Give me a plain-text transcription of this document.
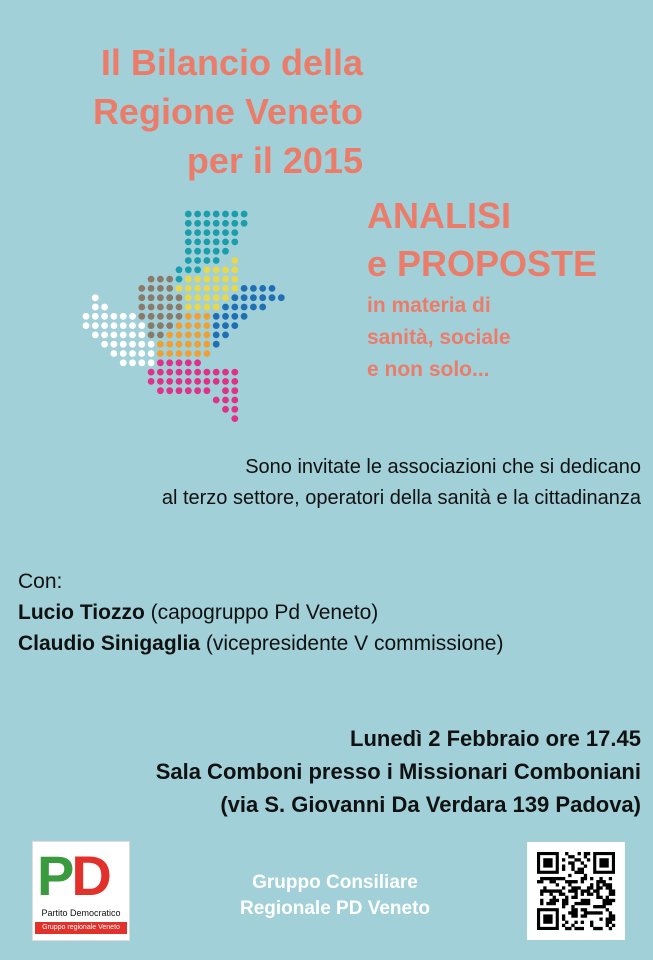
Il Bilancio della
Regione Veneto
per il 2015
ANALISI
e PROPOSTE
in materia di
sanità, sociale
e non solo...
Sono invitate le associazioni che si dedicano
al terzo settore, operatori della sanità e la cittadinanza
Con:
Lucio Tiozzo (capogruppo Pd Veneto)
Claudio Sinigaglia (vicepresidente V commissione)
Lunedì 2 Febbraio ore 17.45
Sala Comboni presso i Missionari Comboniani
(via S. Giovanni Da Verdara 139 Padova)
PD
Partito Democratico
Gruppo regionale Veneto
Gruppo Consiliare
Regionale PD Veneto
